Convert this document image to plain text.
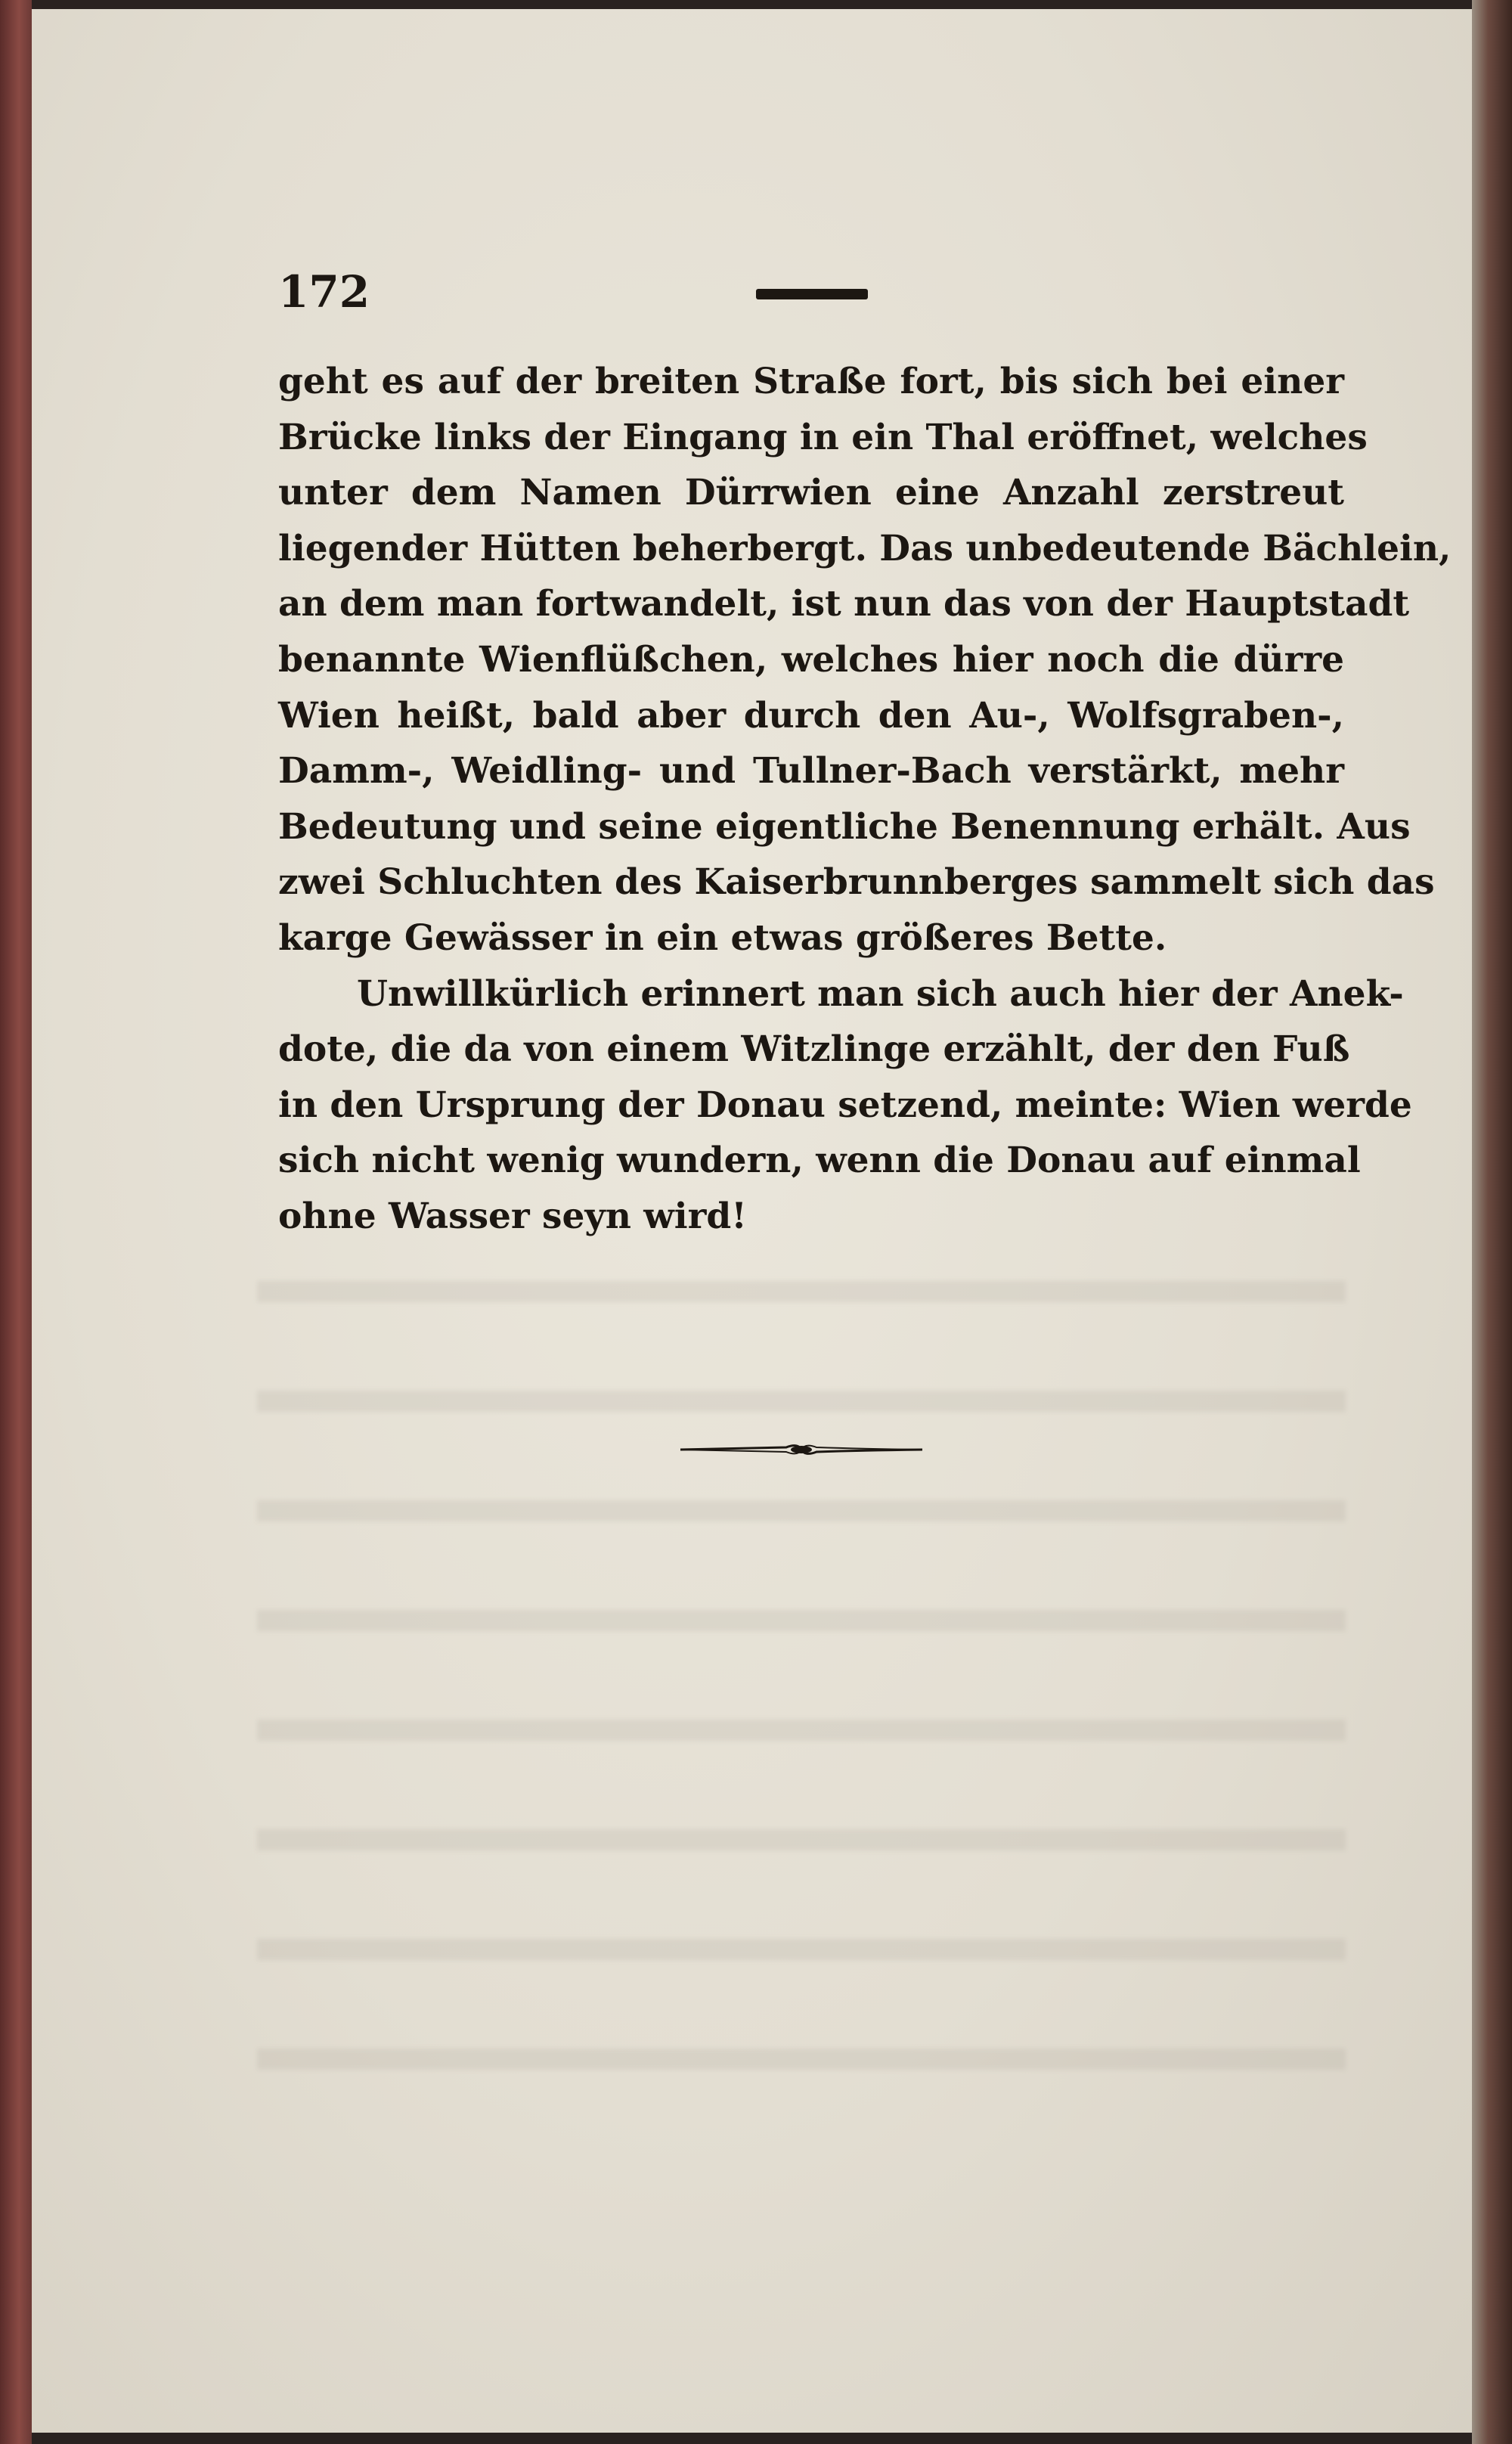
172
geht es auf der breiten Straße fort, bis sich bei einer
Brücke links der Eingang in ein Thal eröffnet, welches
unter dem Namen Dürrwien eine Anzahl zerstreut
liegender Hütten beherbergt. Das unbedeutende Bächlein,
an dem man fortwandelt, ist nun das von der Hauptstadt
benannte Wienflüßchen, welches hier noch die dürre
Wien heißt, bald aber durch den Au-, Wolfsgraben-,
Damm-, Weidling- und Tullner-Bach verstärkt, mehr
Bedeutung und seine eigentliche Benennung erhält. Aus
zwei Schluchten des Kaiserbrunnberges sammelt sich das
karge Gewässer in ein etwas größeres Bette.
Unwillkürlich erinnert man sich auch hier der Anek-
dote, die da von einem Witzlinge erzählt, der den Fuß
in den Ursprung der Donau setzend, meinte: Wien werde
sich nicht wenig wundern, wenn die Donau auf einmal
ohne Wasser seyn wird!
